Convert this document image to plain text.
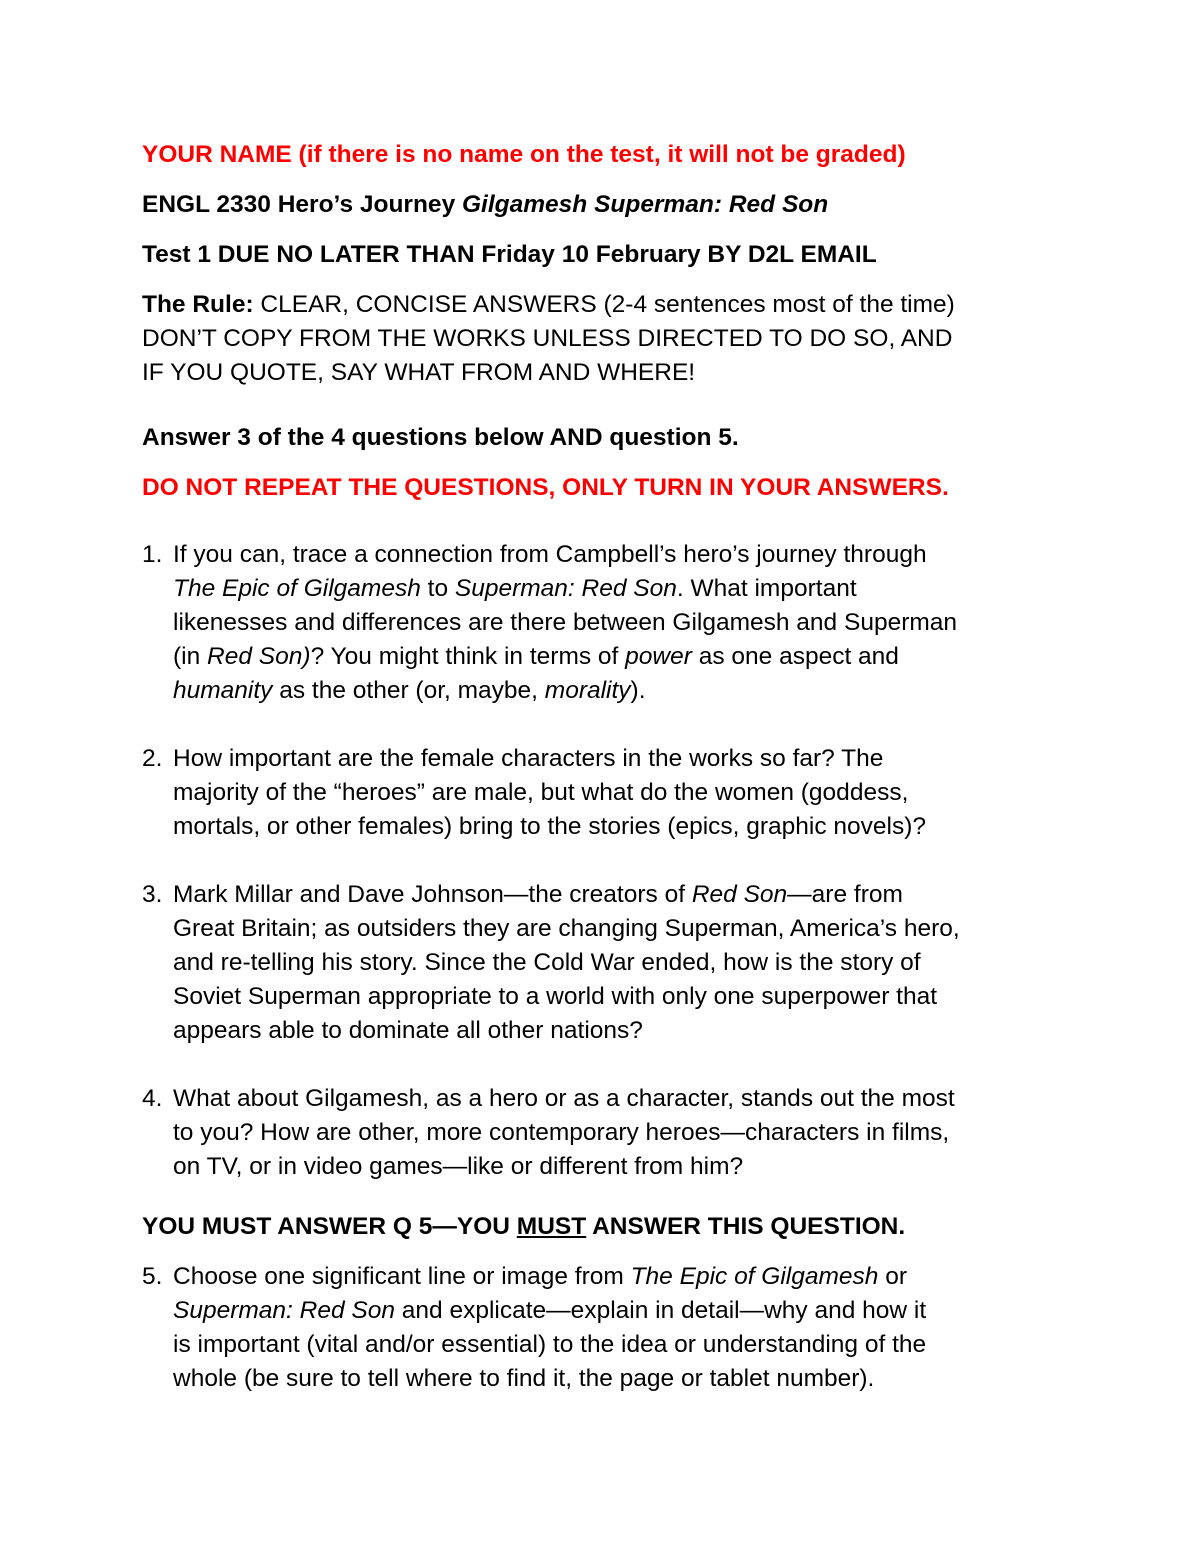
YOUR NAME (if there is no name on the test, it will not be graded)
ENGL 2330 Hero’s Journey Gilgamesh Superman: Red Son
Test 1 DUE NO LATER THAN Friday 10 February BY D2L EMAIL
The Rule: CLEAR, CONCISE ANSWERS (2-4 sentences most of the time)
DON’T COPY FROM THE WORKS UNLESS DIRECTED TO DO SO, AND
IF YOU QUOTE, SAY WHAT FROM AND WHERE!
Answer 3 of the 4 questions below AND question 5.
DO NOT REPEAT THE QUESTIONS, ONLY TURN IN YOUR ANSWERS.
1. If you can, trace a connection from Campbell’s hero’s journey through
The Epic of Gilgamesh to Superman: Red Son. What important
likenesses and differences are there between Gilgamesh and Superman
(in Red Son)? You might think in terms of power as one aspect and
humanity as the other (or, maybe, morality).
2. How important are the female characters in the works so far? The
majority of the “heroes” are male, but what do the women (goddess,
mortals, or other females) bring to the stories (epics, graphic novels)?
3. Mark Millar and Dave Johnson—the creators of Red Son—are from
Great Britain; as outsiders they are changing Superman, America’s hero,
and re-telling his story. Since the Cold War ended, how is the story of
Soviet Superman appropriate to a world with only one superpower that
appears able to dominate all other nations?
4. What about Gilgamesh, as a hero or as a character, stands out the most
to you? How are other, more contemporary heroes—characters in films,
on TV, or in video games—like or different from him?
YOU MUST ANSWER Q 5—YOU MUST ANSWER THIS QUESTION.
5. Choose one significant line or image from The Epic of Gilgamesh or
Superman: Red Son and explicate—explain in detail—why and how it
is important (vital and/or essential) to the idea or understanding of the
whole (be sure to tell where to find it, the page or tablet number).
